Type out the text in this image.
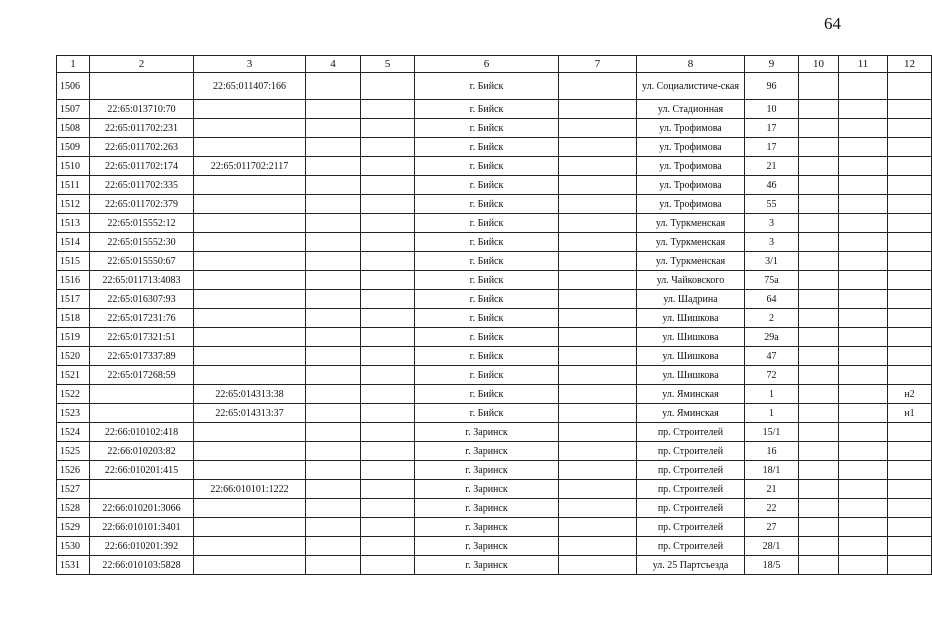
64
1	2	3	4	5	6	7	8	9	10	11	12
1506		22:65:011407:166			г. Бийск		ул. Социалистиче-ская	96			
1507	22:65:013710:70				г. Бийск		ул. Стадионная	10			
1508	22:65:011702:231				г. Бийск		ул. Трофимова	17			
1509	22:65:011702:263				г. Бийск		ул. Трофимова	17			
1510	22:65:011702:174	22:65:011702:2117			г. Бийск		ул. Трофимова	21			
1511	22:65:011702:335				г. Бийск		ул. Трофимова	46			
1512	22:65:011702:379				г. Бийск		ул. Трофимова	55			
1513	22:65:015552:12				г. Бийск		ул. Туркменская	3			
1514	22:65:015552:30				г. Бийск		ул. Туркменская	3			
1515	22:65:015550:67				г. Бийск		ул. Туркменская	3/1			
1516	22:65:011713:4083				г. Бийск		ул. Чайковского	75а			
1517	22:65:016307:93				г. Бийск		ул. Шадрина	64			
1518	22:65:017231:76				г. Бийск		ул. Шишкова	2			
1519	22:65:017321:51				г. Бийск		ул. Шишкова	29а			
1520	22:65:017337:89				г. Бийск		ул. Шишкова	47			
1521	22:65:017268:59				г. Бийск		ул. Шишкова	72			
1522		22:65:014313:38			г. Бийск		ул. Яминская	1			н2
1523		22:65:014313:37			г. Бийск		ул. Яминская	1			н1
1524	22:66:010102:418				г. Заринск		пр. Строителей	15/1			
1525	22:66:010203:82				г. Заринск		пр. Строителей	16			
1526	22:66:010201:415				г. Заринск		пр. Строителей	18/1			
1527		22:66:010101:1222			г. Заринск		пр. Строителей	21			
1528	22:66:010201:3066				г. Заринск		пр. Строителей	22			
1529	22:66:010101:3401				г. Заринск		пр. Строителей	27			
1530	22:66:010201:392				г. Заринск		пр. Строителей	28/1			
1531	22:66:010103:5828				г. Заринск		ул. 25 Партсъезда	18/5			
